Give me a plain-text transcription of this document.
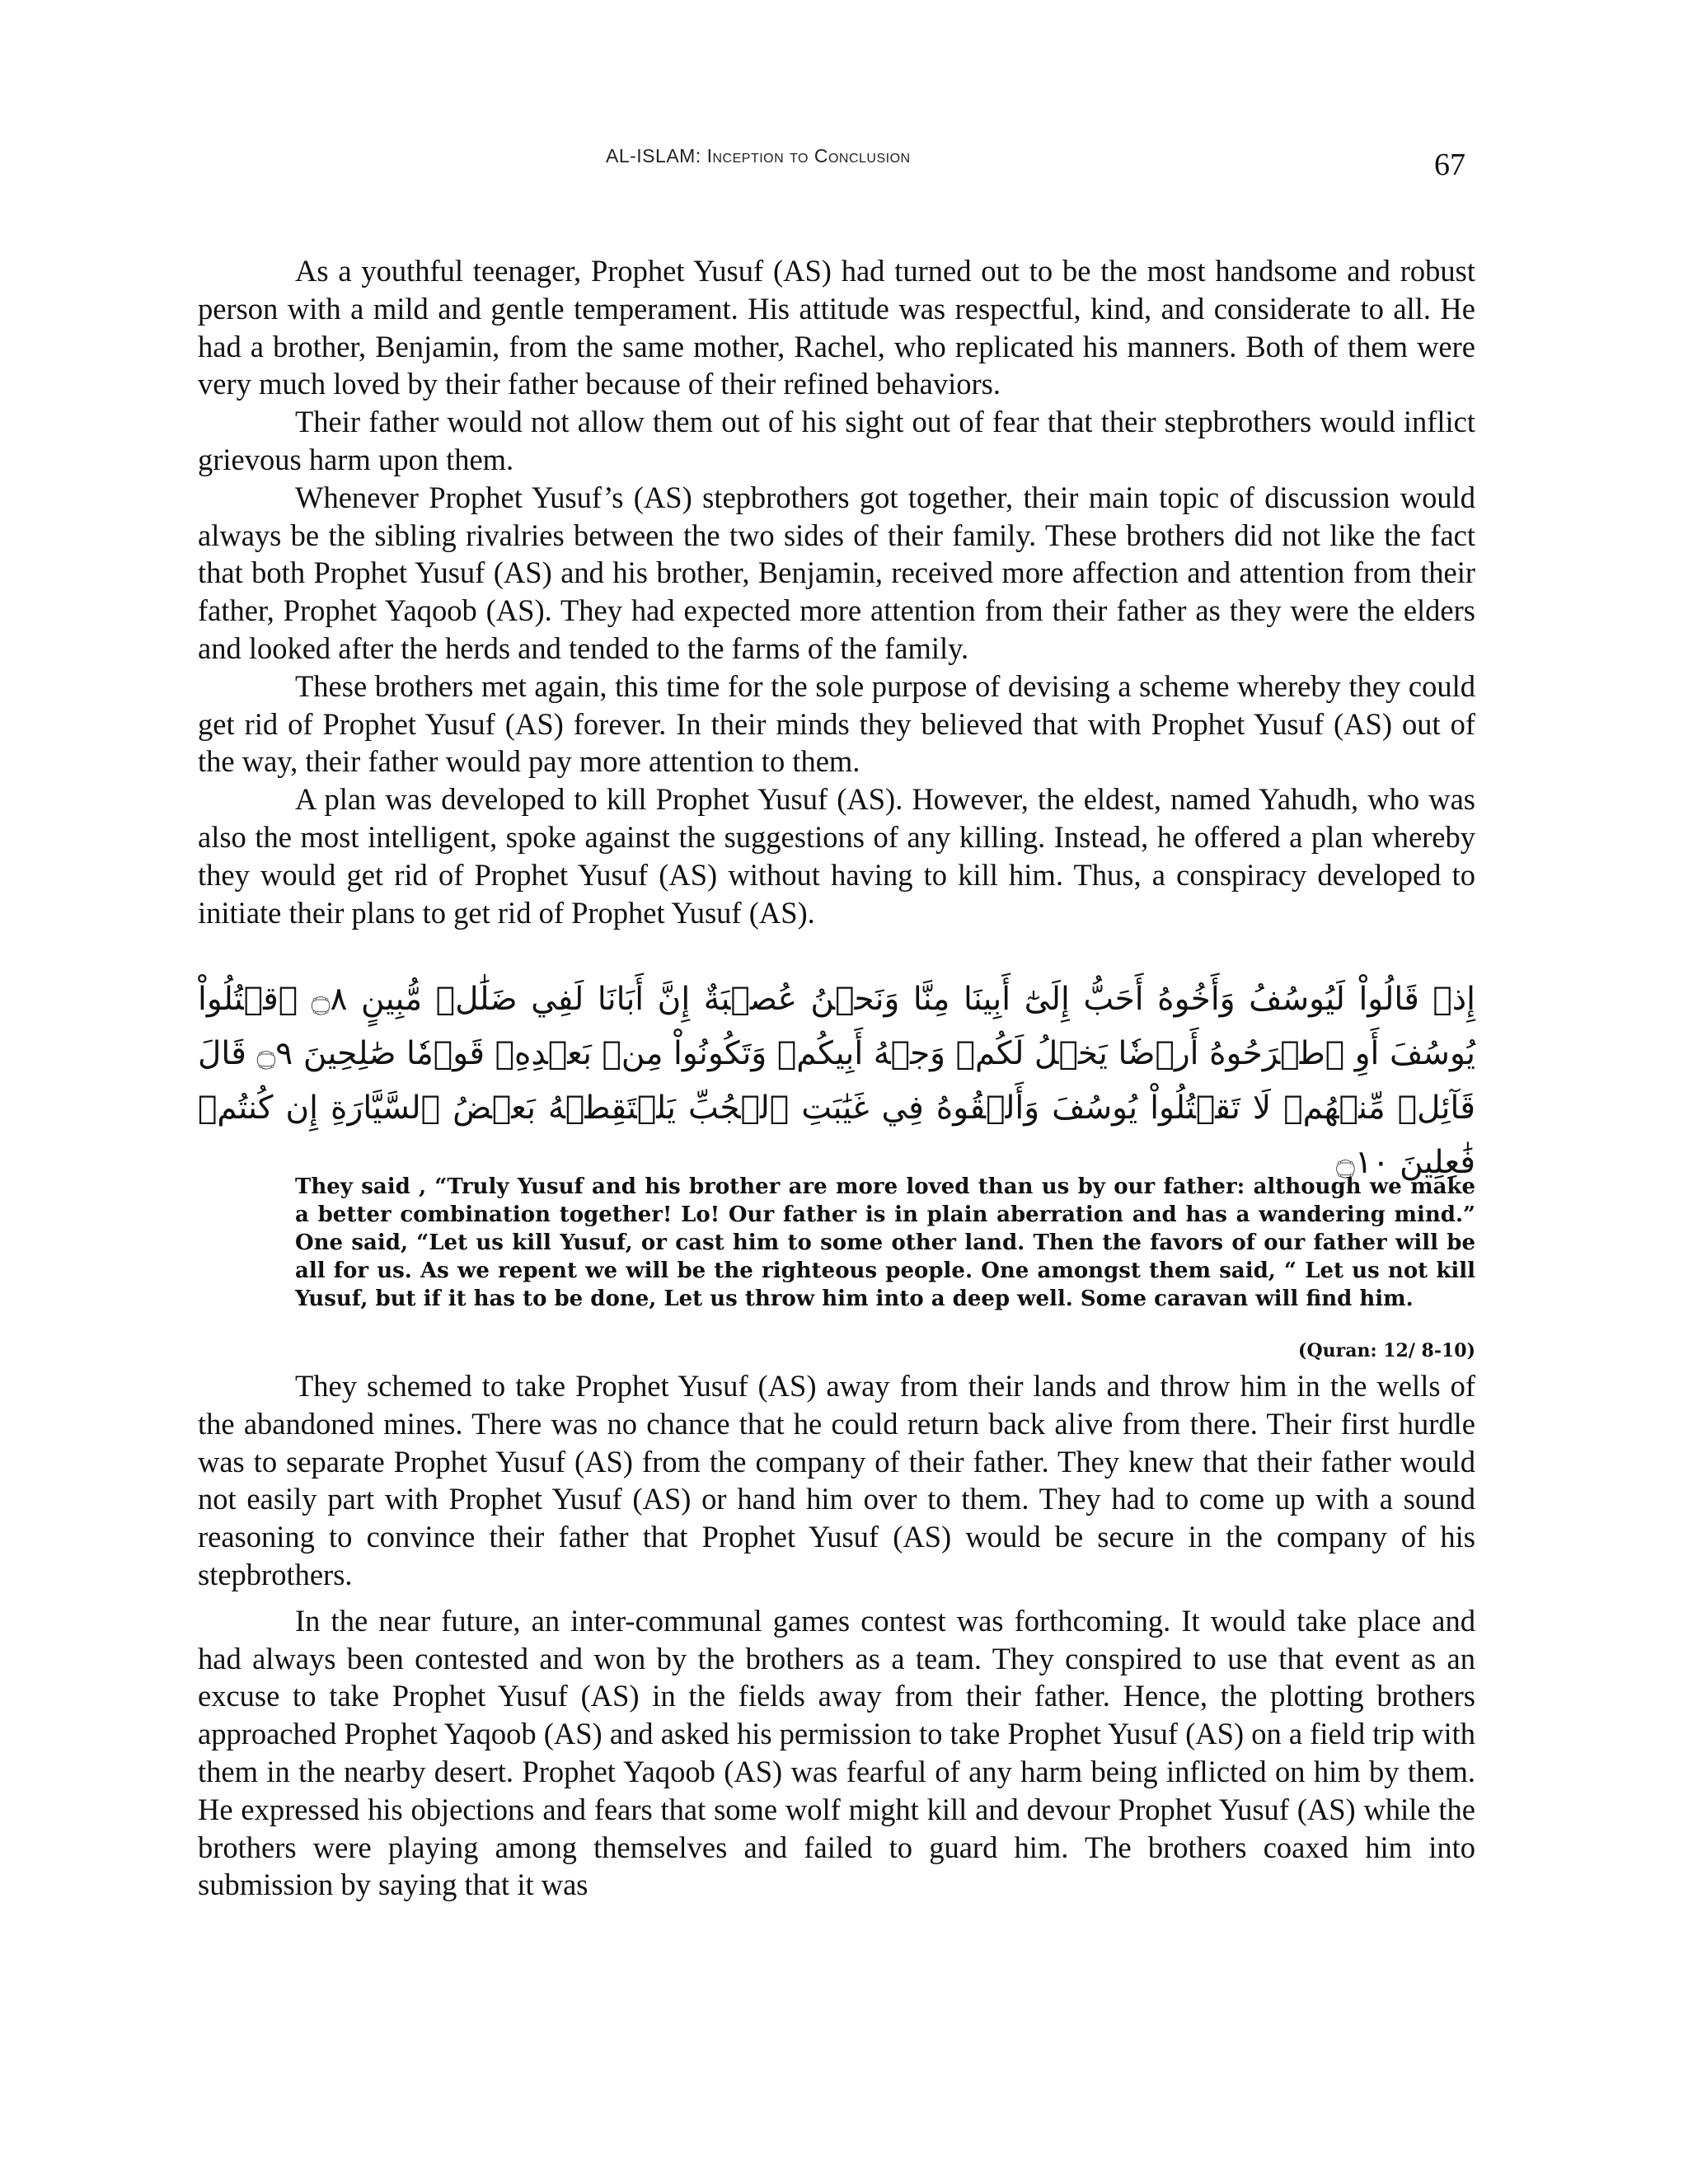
AL-ISLAM: Inception to Conclusion	67

As a youthful teenager, Prophet Yusuf (AS) had turned out to be the most handsome and robust person with a mild and gentle temperament. His attitude was respectful, kind, and considerate to all. He had a brother, Benjamin, from the same mother, Rachel, who replicated his manners. Both of them were very much loved by their father because of their refined behaviors.

Their father would not allow them out of his sight out of fear that their stepbrothers would inflict grievous harm upon them.

Whenever Prophet Yusuf’s (AS) stepbrothers got together, their main topic of discussion would always be the sibling rivalries between the two sides of their family. These brothers did not like the fact that both Prophet Yusuf (AS) and his brother, Benjamin, received more affection and attention from their father, Prophet Yaqoob (AS). They had expected more attention from their father as they were the elders and looked after the herds and tended to the farms of the family.

These brothers met again, this time for the sole purpose of devising a scheme whereby they could get rid of Prophet Yusuf (AS) forever. In their minds they believed that with Prophet Yusuf (AS) out of the way, their father would pay more attention to them.

A plan was developed to kill Prophet Yusuf (AS). However, the eldest, named Yahudh, who was also the most intelligent, spoke against the suggestions of any killing. Instead, he offered a plan whereby they would get rid of Prophet Yusuf (AS) without having to kill him. Thus, a conspiracy developed to initiate their plans to get rid of Prophet Yusuf (AS).

إِذۡ قَالُواْ لَيُوسُفُ وَأَخُوهُ أَحَبُّ إِلَىٰٓ أَبِينَا مِنَّا وَنَحۡنُ عُصۡبَةٌ إِنَّ أَبَانَا لَفِي ضَلَٰلٖ مُّبِينٍ ۝٨ ٱقۡتُلُواْ يُوسُفَ أَوِ ٱطۡرَحُوهُ أَرۡضٗا يَخۡلُ لَكُمۡ وَجۡهُ أَبِيكُمۡ وَتَكُونُواْ مِنۢ بَعۡدِهِۦ قَوۡمٗا صَٰلِحِينَ ۝٩ قَالَ قَآئِلٞ مِّنۡهُمۡ لَا تَقۡتُلُواْ يُوسُفَ وَأَلۡقُوهُ فِي غَيَٰبَتِ ٱلۡجُبِّ يَلۡتَقِطۡهُ بَعۡضُ ٱلسَّيَّارَةِ إِن كُنتُمۡ فَٰعِلِينَ ۝١٠
They said , “Truly Yusuf and his brother are more loved than us by our father: although we make a better combination together! Lo! Our father is in plain aberration and has a wandering mind.” One said, “Let us kill Yusuf, or cast him to some other land. Then the favors of our father will be all for us. As we repent we will be the righteous people. One amongst them said, “ Let us not kill Yusuf, but if it has to be done, Let us throw him into a deep well. Some caravan will find him.
(Quran: 12/ 8-10)

They schemed to take Prophet Yusuf (AS) away from their lands and throw him in the wells of the abandoned mines. There was no chance that he could return back alive from there. Their first hurdle was to separate Prophet Yusuf (AS) from the company of their father. They knew that their father would not easily part with Prophet Yusuf (AS) or hand him over to them. They had to come up with a sound reasoning to convince their father that Prophet Yusuf (AS) would be secure in the company of his stepbrothers.

In the near future, an inter-communal games contest was forthcoming. It would take place and had always been contested and won by the brothers as a team. They conspired to use that event as an excuse to take Prophet Yusuf (AS) in the fields away from their father. Hence, the plotting brothers approached Prophet Yaqoob (AS) and asked his permission to take Prophet Yusuf (AS) on a field trip with them in the nearby desert. Prophet Yaqoob (AS) was fearful of any harm being inflicted on him by them. He expressed his objections and fears that some wolf might kill and devour Prophet Yusuf (AS) while the brothers were playing among themselves and failed to guard him. The brothers coaxed him into submission by saying that it was
